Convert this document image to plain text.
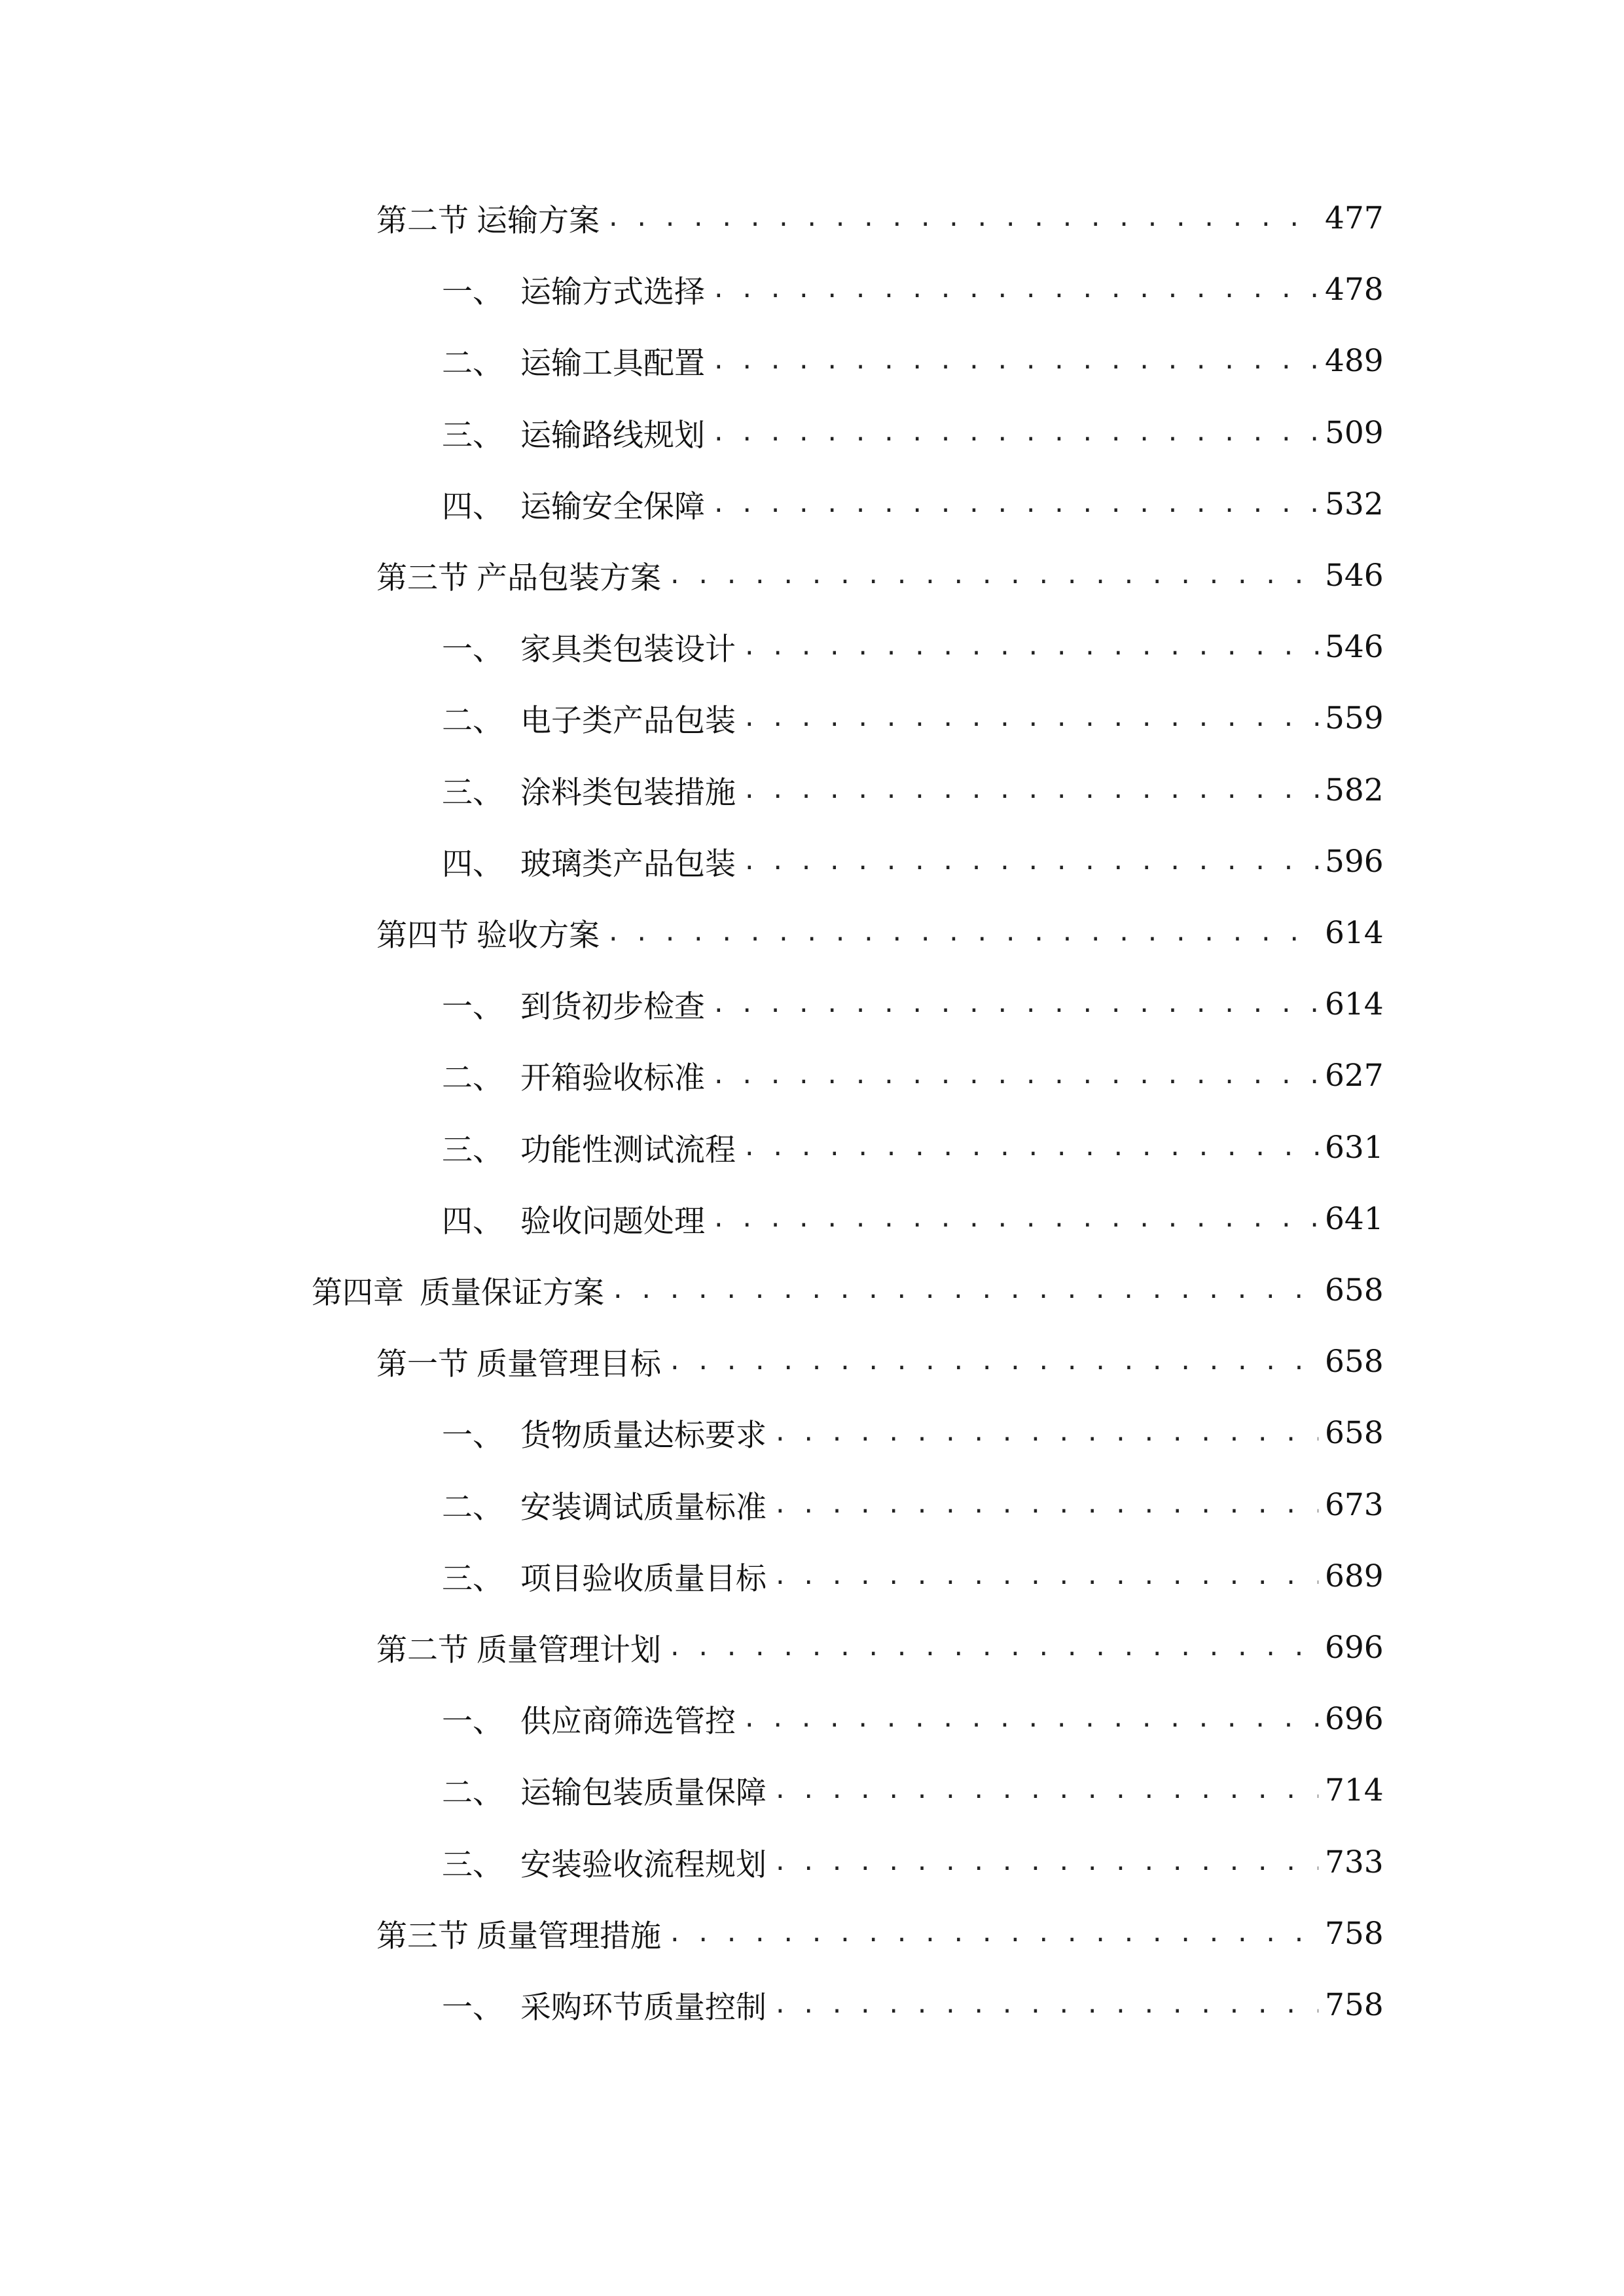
第二节 运输方案 . . .	477
一、 运输方式选择 . . .	478
二、 运输工具配置 . . .	489
三、 运输路线规划 . . .	509
四、 运输安全保障 . . .	532
第三节 产品包装方案 . . .	546
一、 家具类包装设计 . . .	546
二、 电子类产品包装 . . .	559
三、 涂料类包装措施 . . .	582
四、 玻璃类产品包装 . . .	596
第四节 验收方案 . . .	614
一、 到货初步检查 . . .	614
二、 开箱验收标准 . . .	627
三、 功能性测试流程 . . .	631
四、 验收问题处理 . . .	641
第四章 质量保证方案 . . .	658
第一节 质量管理目标 . . .	658
一、 货物质量达标要求 . . .	658
二、 安装调试质量标准 . . .	673
三、 项目验收质量目标 . . .	689
第二节 质量管理计划 . . .	696
一、 供应商筛选管控 . . .	696
二、 运输包装质量保障 . . .	714
三、 安装验收流程规划 . . .	733
第三节 质量管理措施 . . .	758
一、 采购环节质量控制 . . .	758
